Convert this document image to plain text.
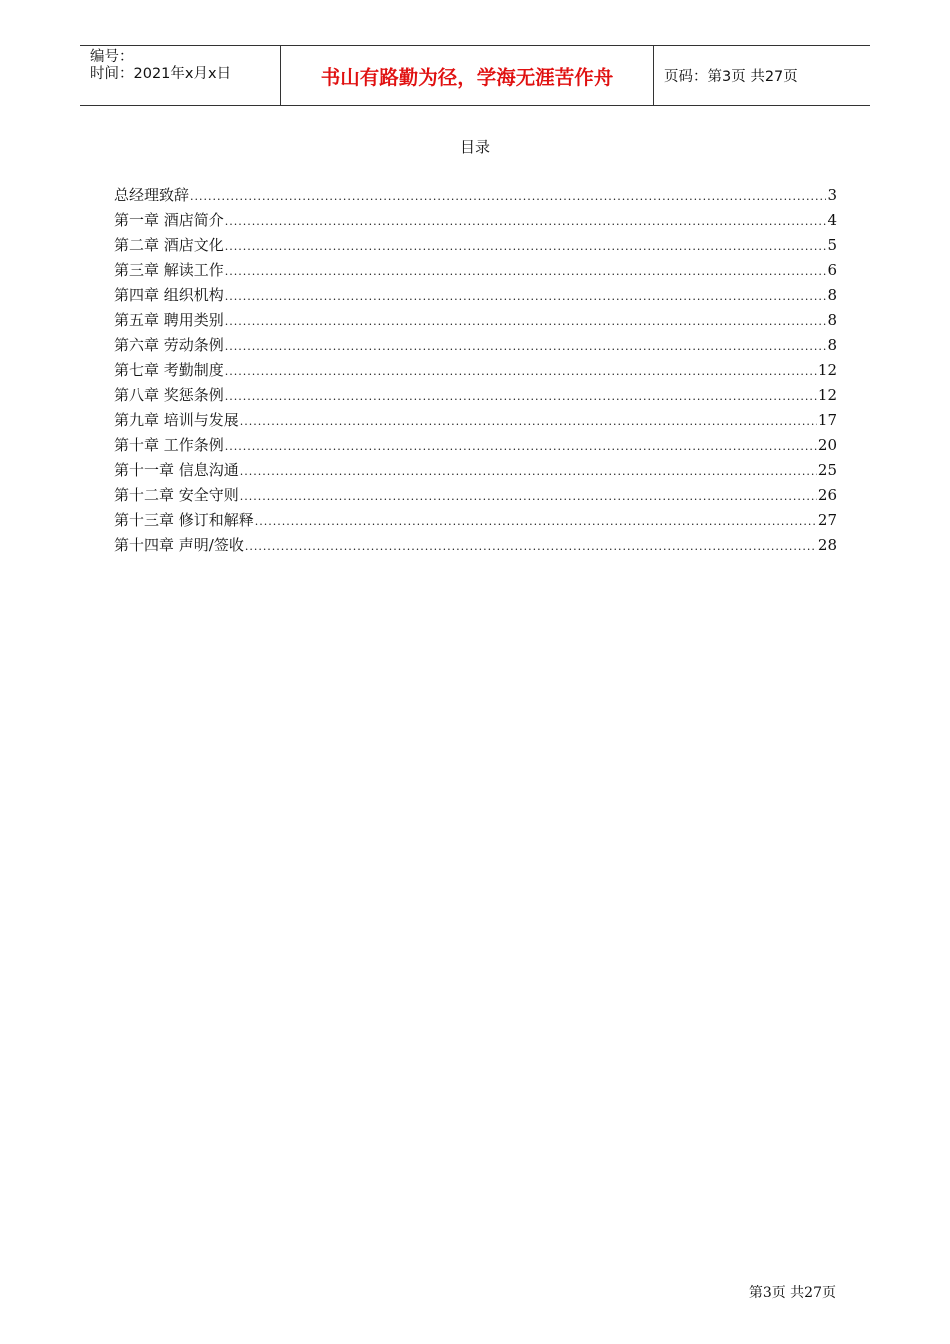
编号：
时间：2021年x月x日	书山有路勤为径，学海无涯苦作舟	页码：第3页 共27页
目录
总经理致辞 .....	3
第一章 酒店简介 .....	4
第二章 酒店文化 .....	5
第三章 解读工作 .....	6
第四章 组织机构 .....	8
第五章 聘用类别 .....	8
第六章 劳动条例 .....	8
第七章 考勤制度 .....	12
第八章 奖惩条例 .....	12
第九章 培训与发展 .....	17
第十章 工作条例 .....	20
第十一章 信息沟通 .....	25
第十二章 安全守则 .....	26
第十三章 修订和解释 .....	27
第十四章 声明/签收 .....	28
第3页 共27页
